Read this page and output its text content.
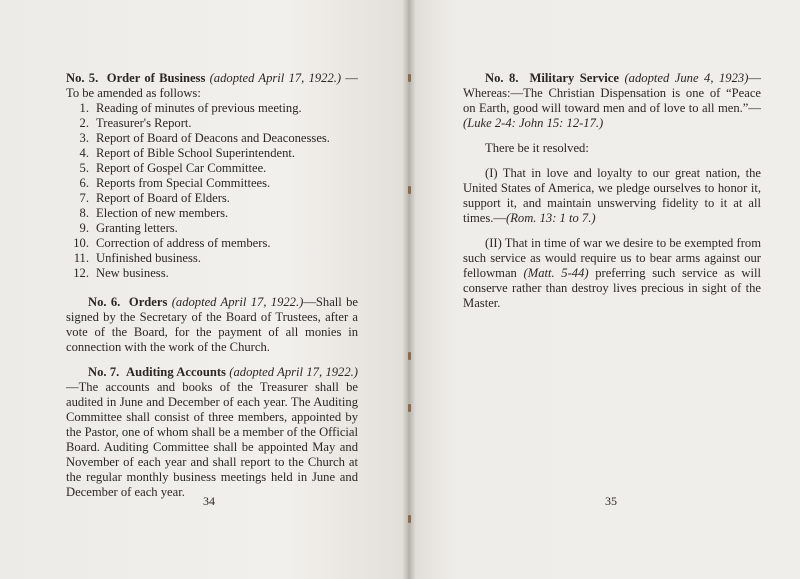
No. 5. Order of Business (adopted April 17, 1922.) —To be amended as follows:

1. Reading of minutes of previous meeting.
2. Treasurer's Report.
3. Report of Board of Deacons and Deaconesses.
4. Report of Bible School Superintendent.
5. Report of Gospel Car Committee.
6. Reports from Special Committees.
7. Report of Board of Elders.
8. Election of new members.
9. Granting letters.
10. Correction of address of members.
11. Unfinished business.
12. New business.

No. 6. Orders (adopted April 17, 1922.)—Shall be signed by the Secretary of the Board of Trustees, after a vote of the Board, for the payment of all monies in connection with the work of the Church.

No. 7. Auditing Accounts (adopted April 17, 1922.) —The accounts and books of the Treasurer shall be audited in June and December of each year. The Auditing Committee shall consist of three members, appointed by the Pastor, one of whom shall be a member of the Official Board. Auditing Committee shall be appointed May and November of each year and shall report to the Church at the regular monthly business meetings held in June and December of each year.

34

No. 8. Military Service (adopted June 4, 1923)—Whereas:—The Christian Dispensation is one of “Peace on Earth, good will toward men and of love to all men.”—(Luke 2-4: John 15: 12-17.)

There be it resolved:

(I) That in love and loyalty to our great nation, the United States of America, we pledge ourselves to honor it, support it, and maintain unswerving fidelity to it at all times.—(Rom. 13: 1 to 7.)

(II) That in time of war we desire to be exempted from such service as would require us to bear arms against our fellowman (Matt. 5-44) preferring such service as will conserve rather than destroy lives precious in sight of the Master.

35
